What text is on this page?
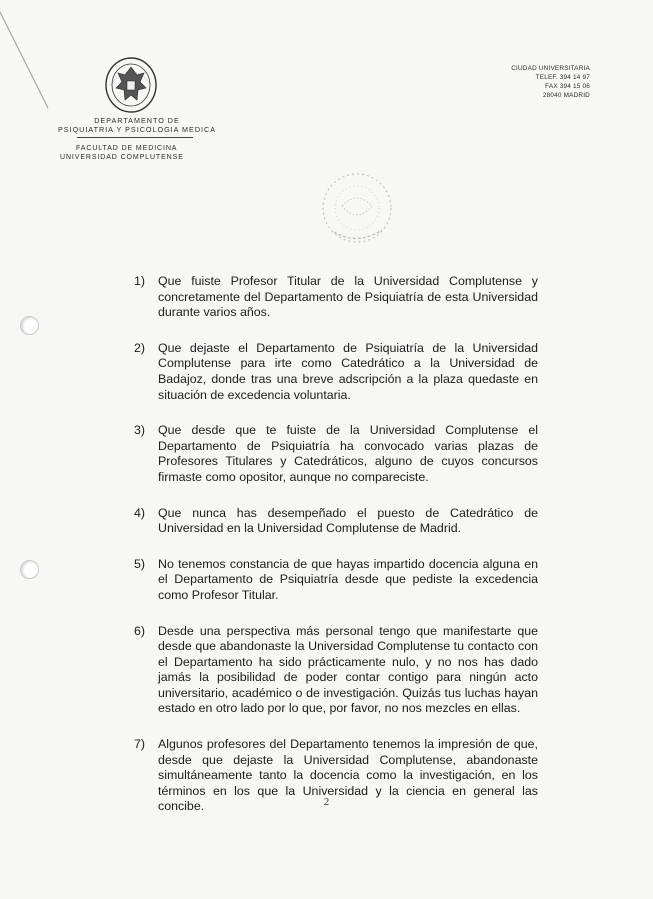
DEPARTAMENTO DE
PSIQUIATRIA Y PSICOLOGIA MEDICA
FACULTAD DE MEDICINA
UNIVERSIDAD COMPLUTENSE
CIUDAD UNIVERSITARIA
TELEF. 394 14 97
FAX 394 15 06
28040 MADRID
1) Que fuiste Profesor Titular de la Universidad Complutense y concretamente del Departamento de Psiquiatría de esta Universidad durante varios años.
2) Que dejaste el Departamento de Psiquiatría de la Universidad Complutense para irte como Catedrático a la Universidad de Badajoz, donde tras una breve adscripción a la plaza quedaste en situación de excedencia voluntaria.
3) Que desde que te fuiste de la Universidad Complutense el Departamento de Psiquiatría ha convocado varias plazas de Profesores Titulares y Catedráticos, alguno de cuyos concursos firmaste como opositor, aunque no compareciste.
4) Que nunca has desempeñado el puesto de Catedrático de Universidad en la Universidad Complutense de Madrid.
5) No tenemos constancia de que hayas impartido docencia alguna en el Departamento de Psiquiatría desde que pediste la excedencia como Profesor Titular.
6) Desde una perspectiva más personal tengo que manifestarte que desde que abandonaste la Universidad Complutense tu contacto con el Departamento ha sido prácticamente nulo, y no nos has dado jamás la posibilidad de poder contar contigo para ningún acto universitario, académico o de investigación. Quizás tus luchas hayan estado en otro lado por lo que, por favor, no nos mezcles en ellas.
7) Algunos profesores del Departamento tenemos la impresión de que, desde que dejaste la Universidad Complutense, abandonaste simultáneamente tanto la docencia como la investigación, en los términos en los que la Universidad y la ciencia en general las concibe.	2
